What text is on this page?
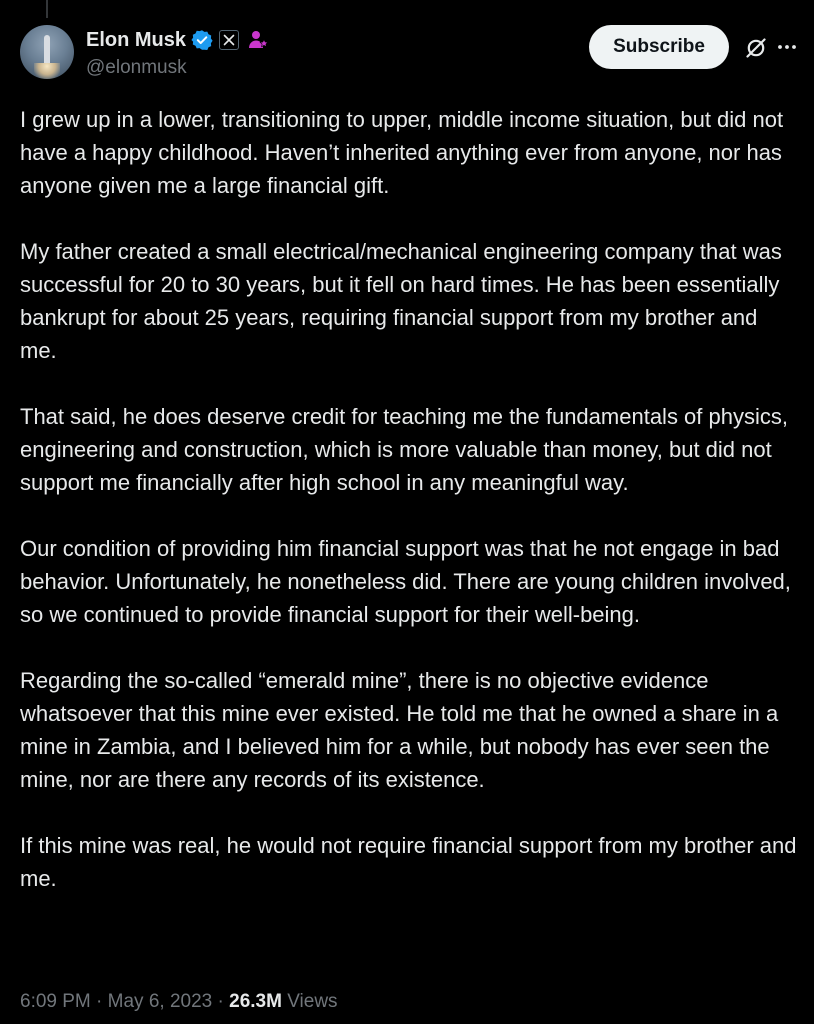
Elon Musk
@elonmusk
Subscribe

I grew up in a lower, transitioning to upper, middle income situation, but did not have a happy childhood. Haven’t inherited anything ever from anyone, nor has anyone given me a large financial gift.

My father created a small electrical/mechanical engineering company that was successful for 20 to 30 years, but it fell on hard times. He has been essentially bankrupt for about 25 years, requiring financial support from my brother and me.

That said, he does deserve credit for teaching me the fundamentals of physics, engineering and construction, which is more valuable than money, but did not support me financially after high school in any meaningful way.

Our condition of providing him financial support was that he not engage in bad behavior. Unfortunately, he nonetheless did. There are young children involved, so we continued to provide financial support for their well-being.

Regarding the so-called “emerald mine”, there is no objective evidence whatsoever that this mine ever existed. He told me that he owned a share in a mine in Zambia, and I believed him for a while, but nobody has ever seen the mine, nor are there any records of its existence.

If this mine was real, he would not require financial support from my brother and me.

6:09 PM · May 6, 2023 · 26.3M Views
